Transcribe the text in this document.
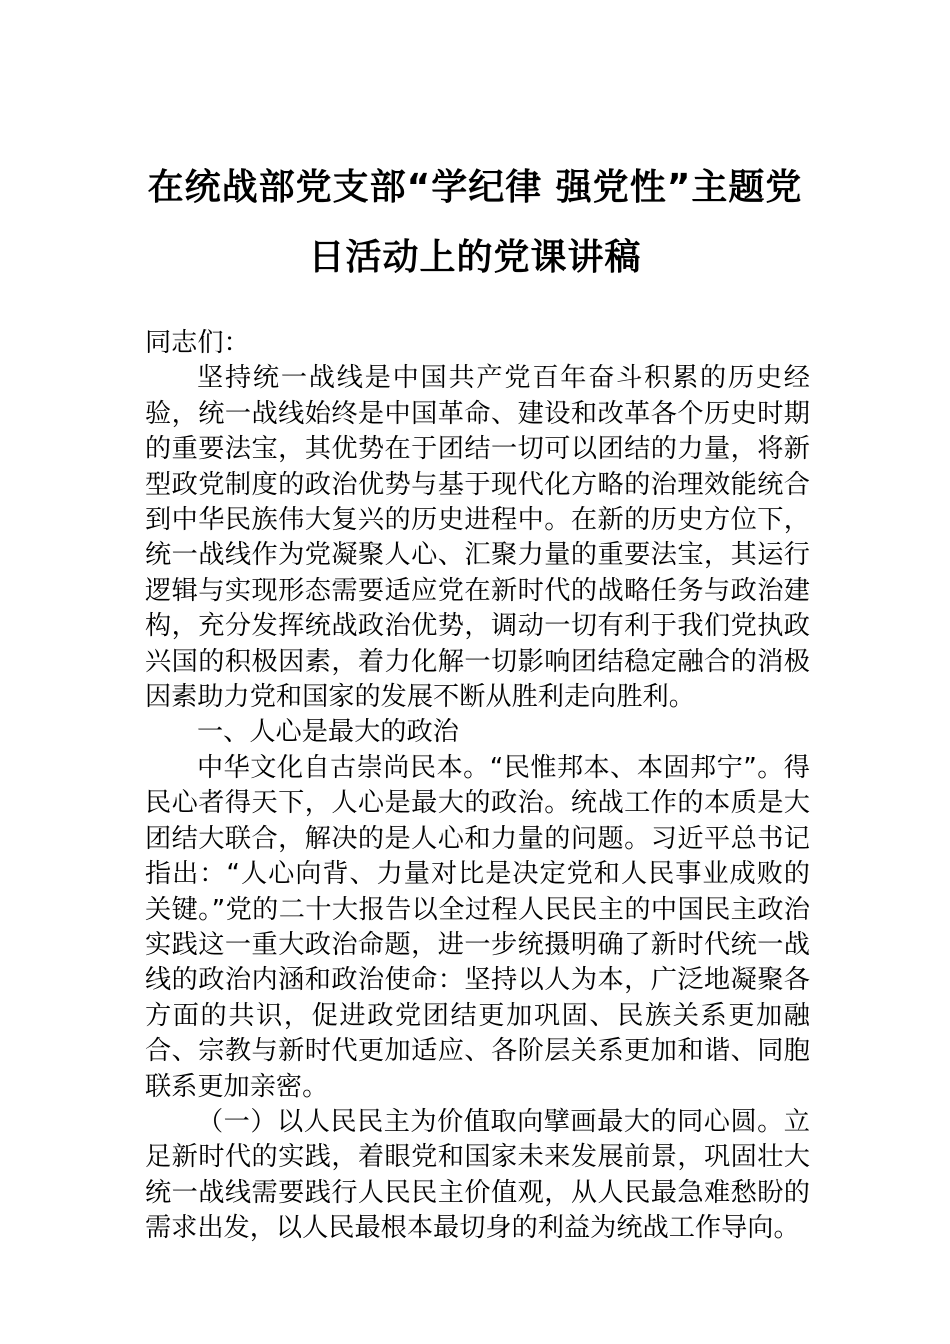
在统战部党支部“学纪律 强党性”主题党
日活动上的党课讲稿

同志们：

坚持统一战线是中国共产党百年奋斗积累的历史经验，统一战线始终是中国革命、建设和改革各个历史时期的重要法宝，其优势在于团结一切可以团结的力量，将新型政党制度的政治优势与基于现代化方略的治理效能统合到中华民族伟大复兴的历史进程中。在新的历史方位下，统一战线作为党凝聚人心、汇聚力量的重要法宝，其运行逻辑与实现形态需要适应党在新时代的战略任务与政治建构，充分发挥统战政治优势，调动一切有利于我们党执政兴国的积极因素，着力化解一切影响团结稳定融合的消极因素助力党和国家的发展不断从胜利走向胜利。

一、人心是最大的政治

中华文化自古崇尚民本。“民惟邦本、本固邦宁”。得民心者得天下，人心是最大的政治。统战工作的本质是大团结大联合，解决的是人心和力量的问题。习近平总书记指出：“人心向背、力量对比是决定党和人民事业成败的关键。”党的二十大报告以全过程人民民主的中国民主政治实践这一重大政治命题，进一步统摄明确了新时代统一战线的政治内涵和政治使命：坚持以人为本，广泛地凝聚各方面的共识，促进政党团结更加巩固、民族关系更加融合、宗教与新时代更加适应、各阶层关系更加和谐、同胞联系更加亲密。

（一）以人民民主为价值取向擘画最大的同心圆。立足新时代的实践，着眼党和国家未来发展前景，巩固壮大统一战线需要践行人民民主价值观，从人民最急难愁盼的需求出发，以人民最根本最切身的利益为统战工作导向。
